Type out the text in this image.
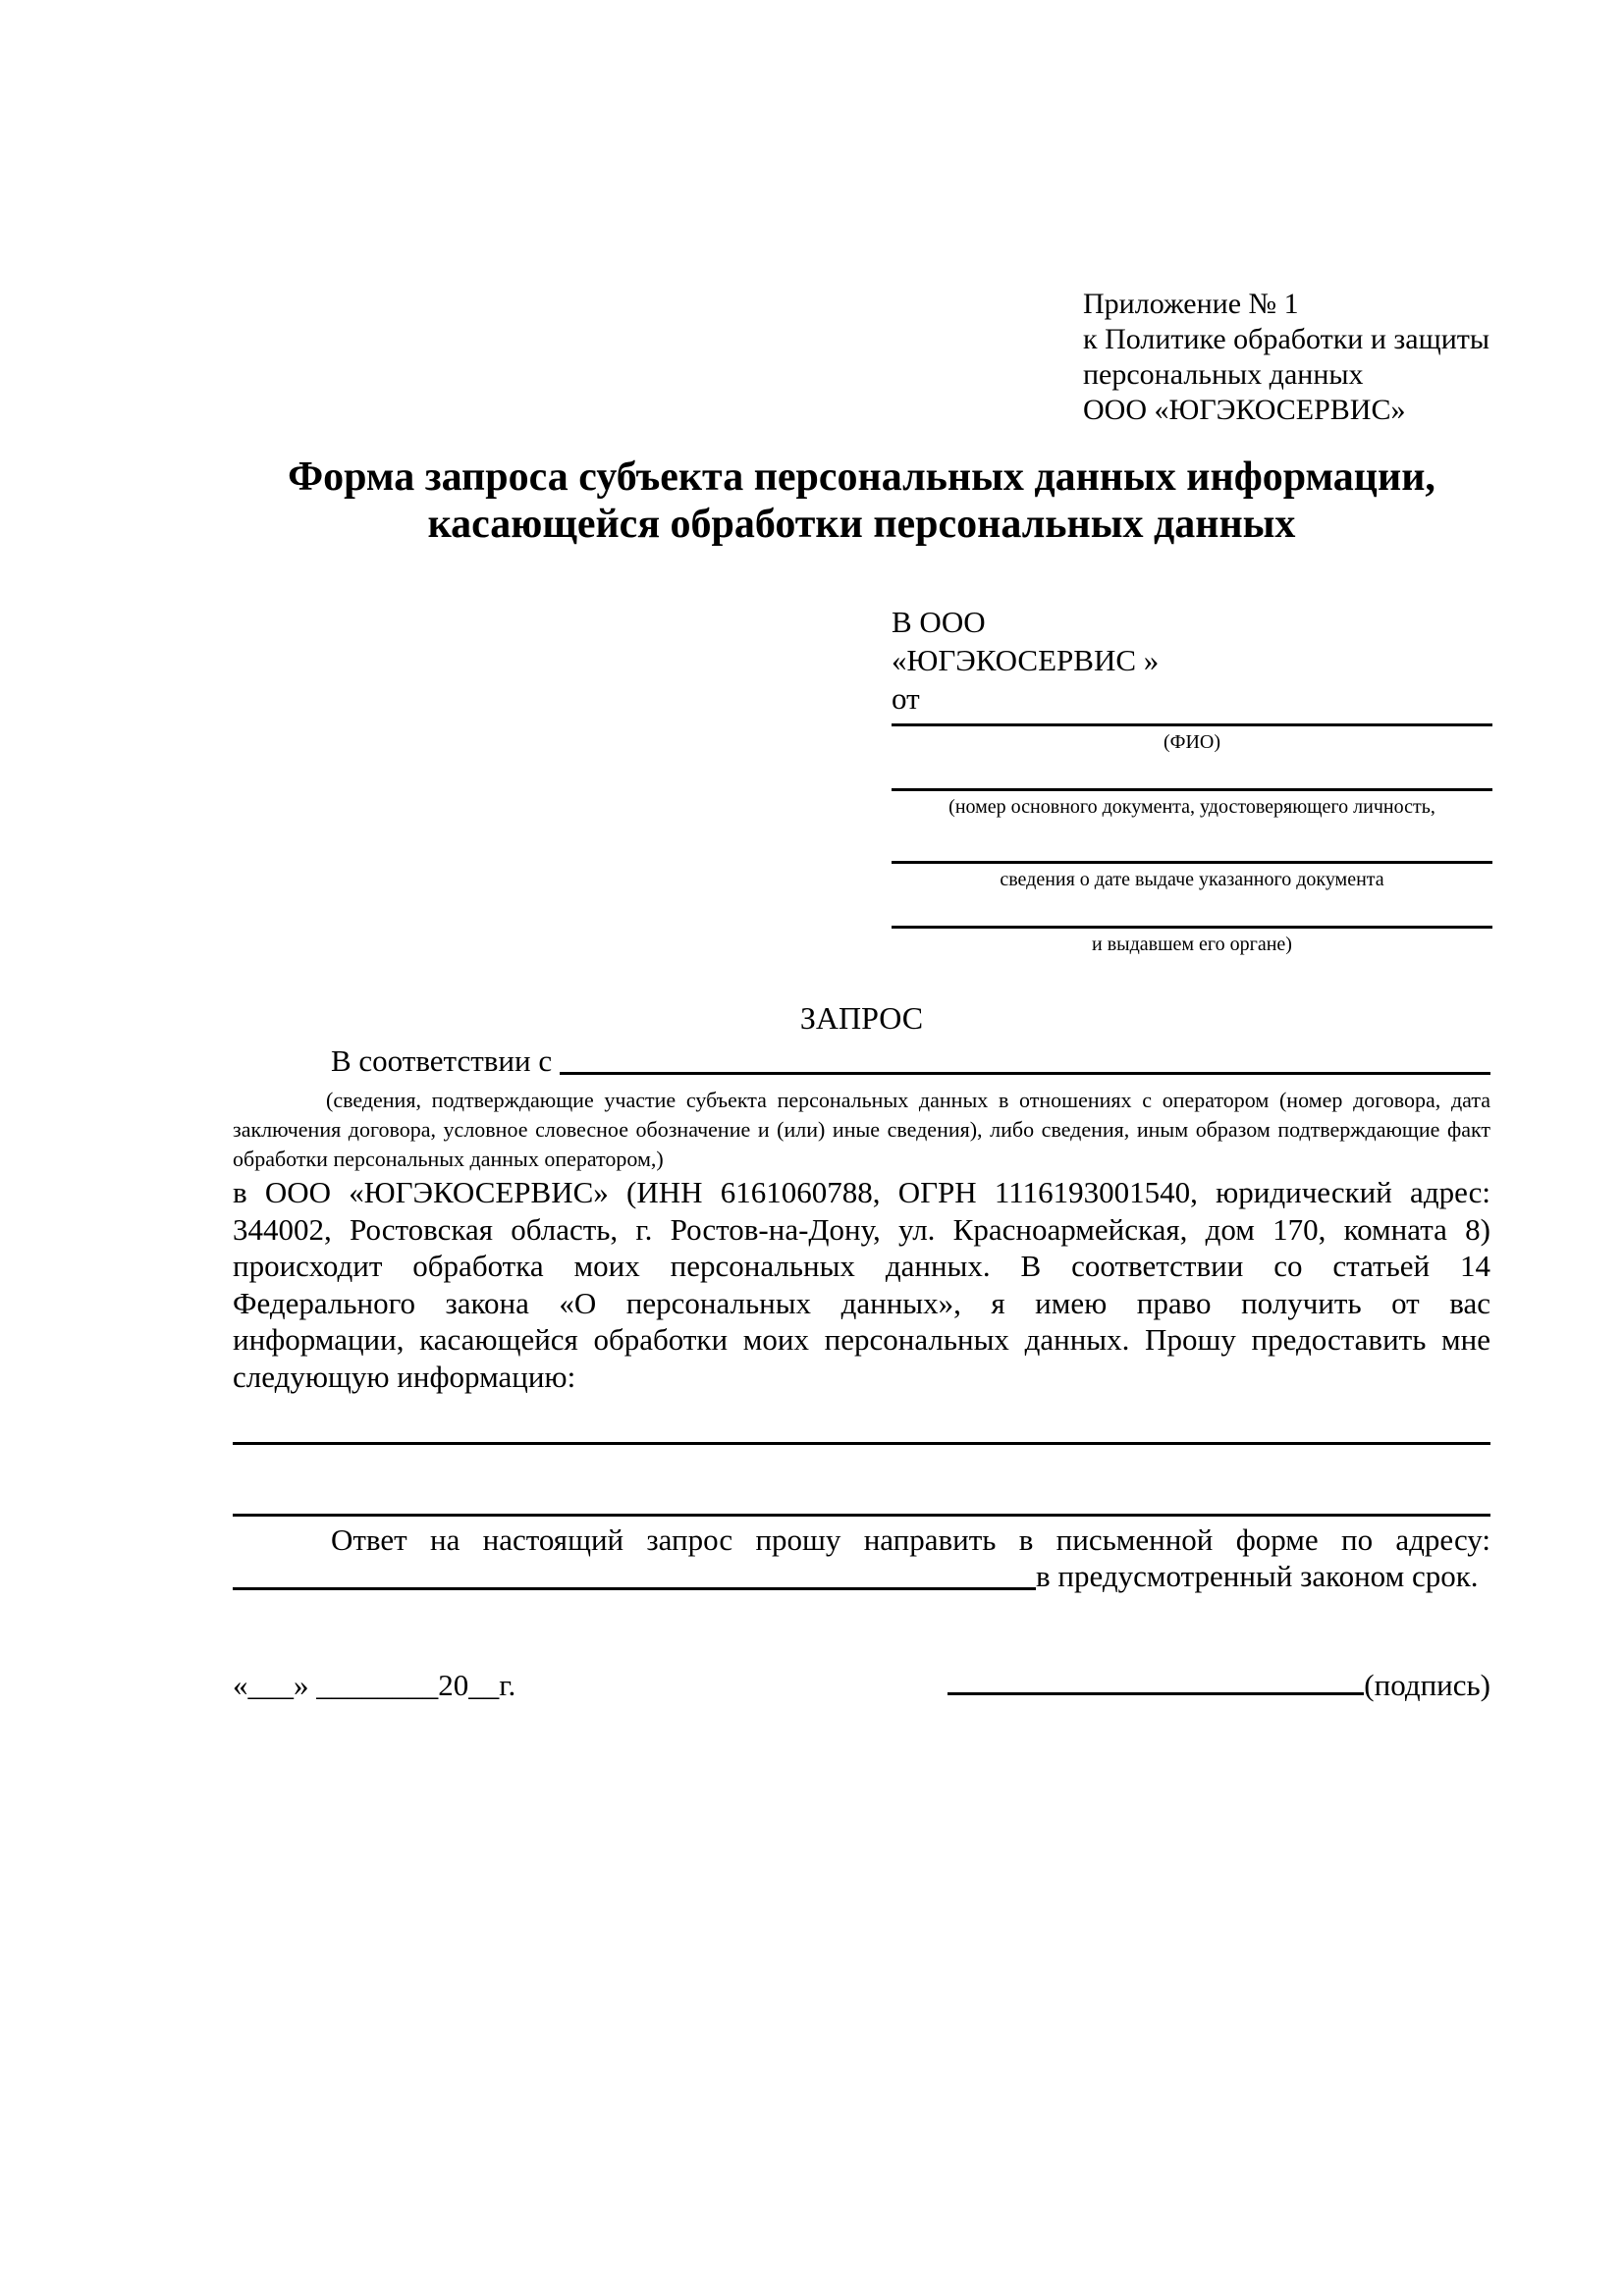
Приложение № 1
к Политике обработки и защиты
персональных данных
ООО «ЮГЭКОСЕРВИС»
Форма запроса субъекта персональных данных информации,
касающейся обработки персональных данных
В ООО
«ЮГЭКОСЕРВИС »
от
(ФИО)
(номер основного документа, удостоверяющего личность,
сведения о дате выдаче указанного документа
и выдавшем его органе)
ЗАПРОС
В соответствии с
(сведения, подтверждающие участие субъекта персональных данных в отношениях с оператором (номер договора, дата заключения договора, условное словесное обозначение и (или) иные сведения), либо сведения, иным образом подтверждающие факт обработки персональных данных оператором,)
в ООО «ЮГЭКОСЕРВИС» (ИНН 6161060788, ОГРН 1116193001540, юридический адрес:
344002, Ростовская область, г. Ростов-на-Дону, ул. Красноармейская, дом 170, комната 8)
происходит обработка моих персональных данных. В соответствии со статьей 14
Федерального закона «О персональных данных», я имею право получить от вас
информации, касающейся обработки моих персональных данных. Прошу предоставить мне
следующую информацию:
Ответ на настоящий запрос прошу направить в письменной форме по адресу:
в предусмотренный законом срок.
«___» ________20__г.	(подпись)
